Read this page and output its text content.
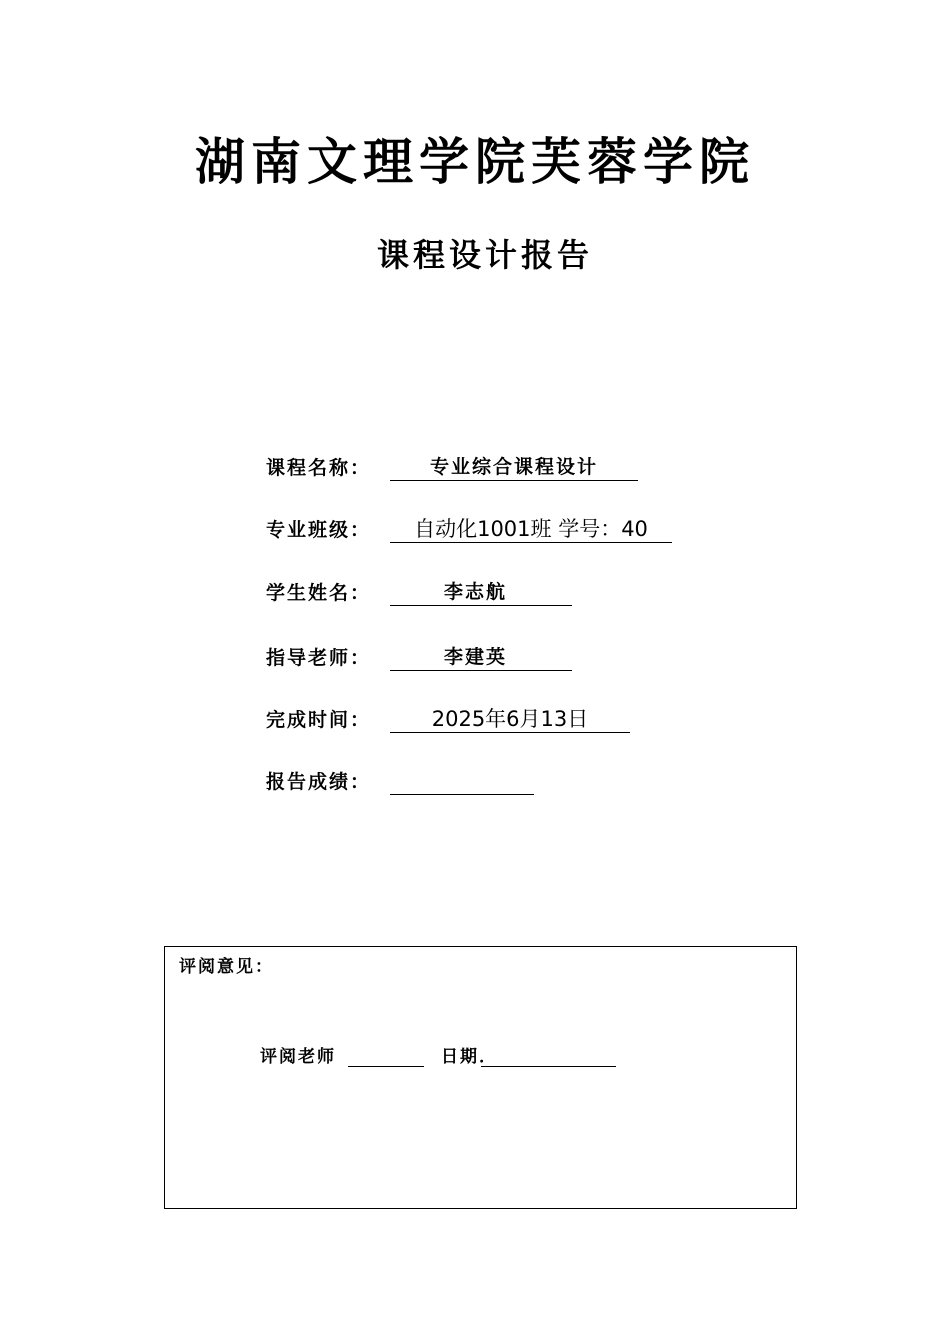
湖南文理学院芙蓉学院
课程设计报告
课程名称：	专业综合课程设计
专业班级：	自动化1001班 学号：40
学生姓名：	李志航
指导老师：	李建英
完成时间：	2025年6月13日
报告成绩：
评阅意见：
评阅老师	日期．
